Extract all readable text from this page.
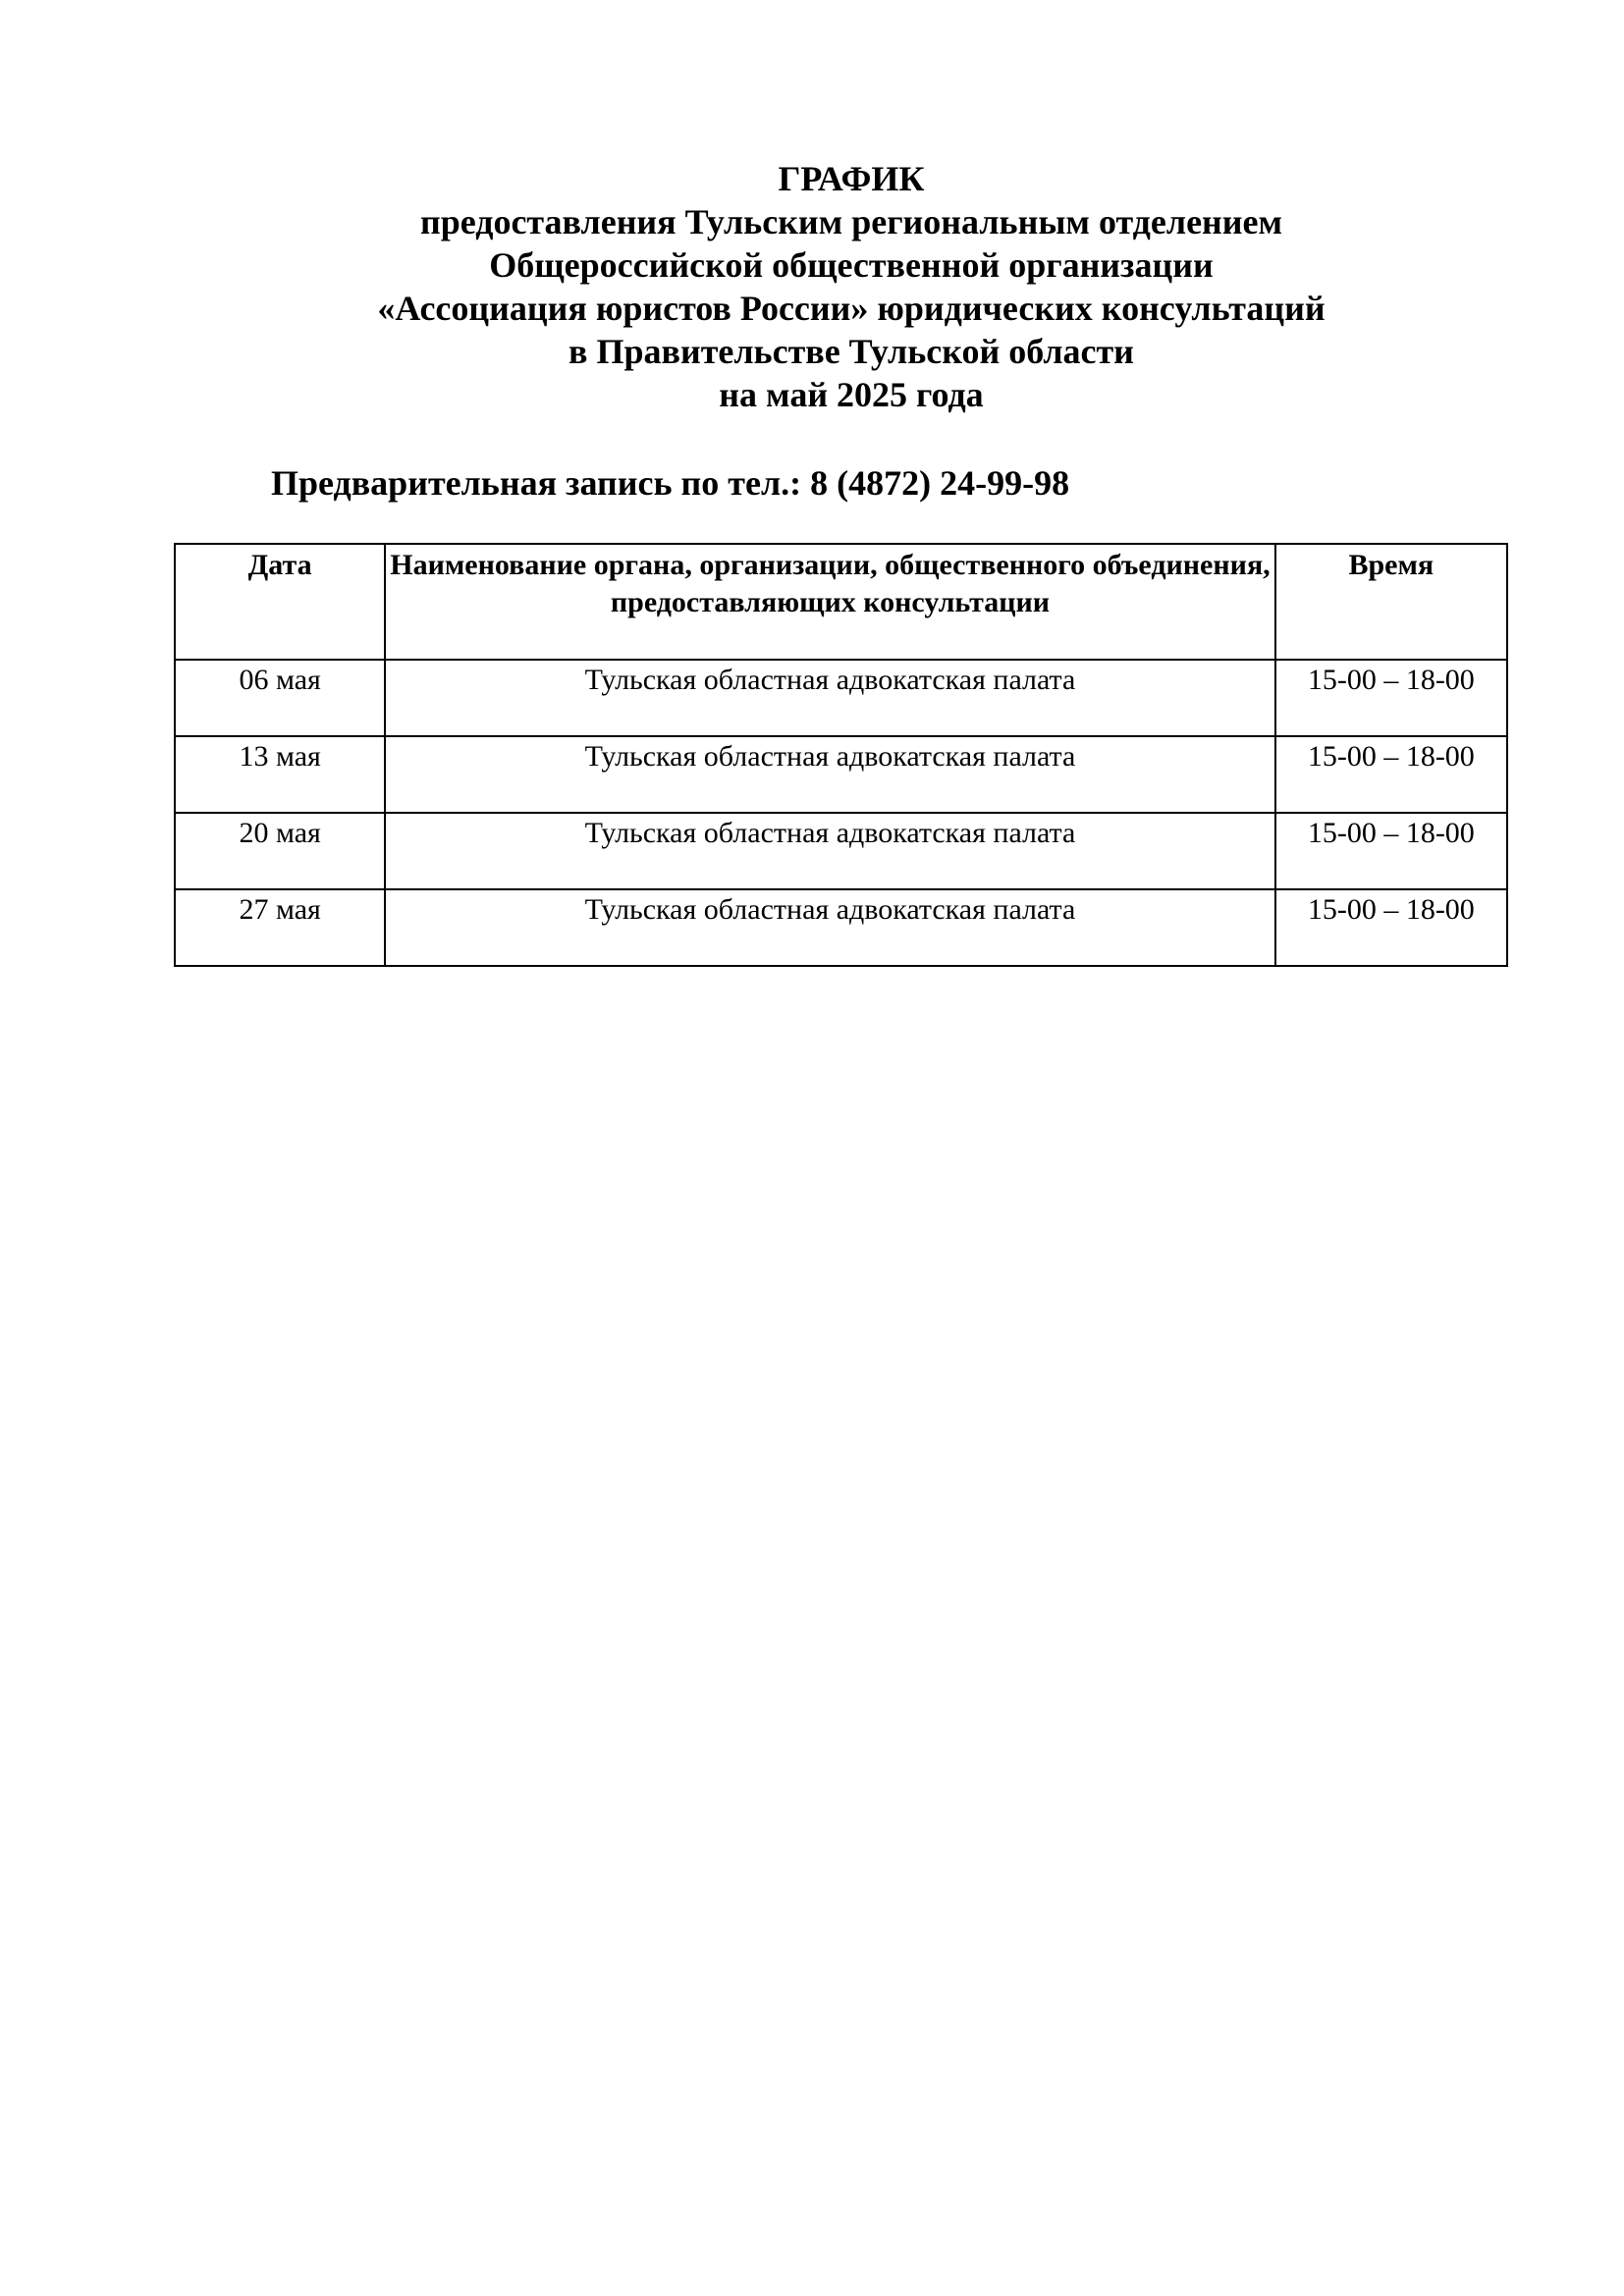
ГРАФИК
предоставления Тульским региональным отделением
Общероссийской общественной организации
«Ассоциация юристов России» юридических консультаций
в Правительстве Тульской области
на май 2025 года
Предварительная запись по тел.: 8 (4872) 24-99-98
Дата	Наименование органа, организации, общественного объединения, предоставляющих консультации	Время
06 мая	Тульская областная адвокатская палата	15-00 – 18-00
13 мая	Тульская областная адвокатская палата	15-00 – 18-00
20 мая	Тульская областная адвокатская палата	15-00 – 18-00
27 мая	Тульская областная адвокатская палата	15-00 – 18-00
